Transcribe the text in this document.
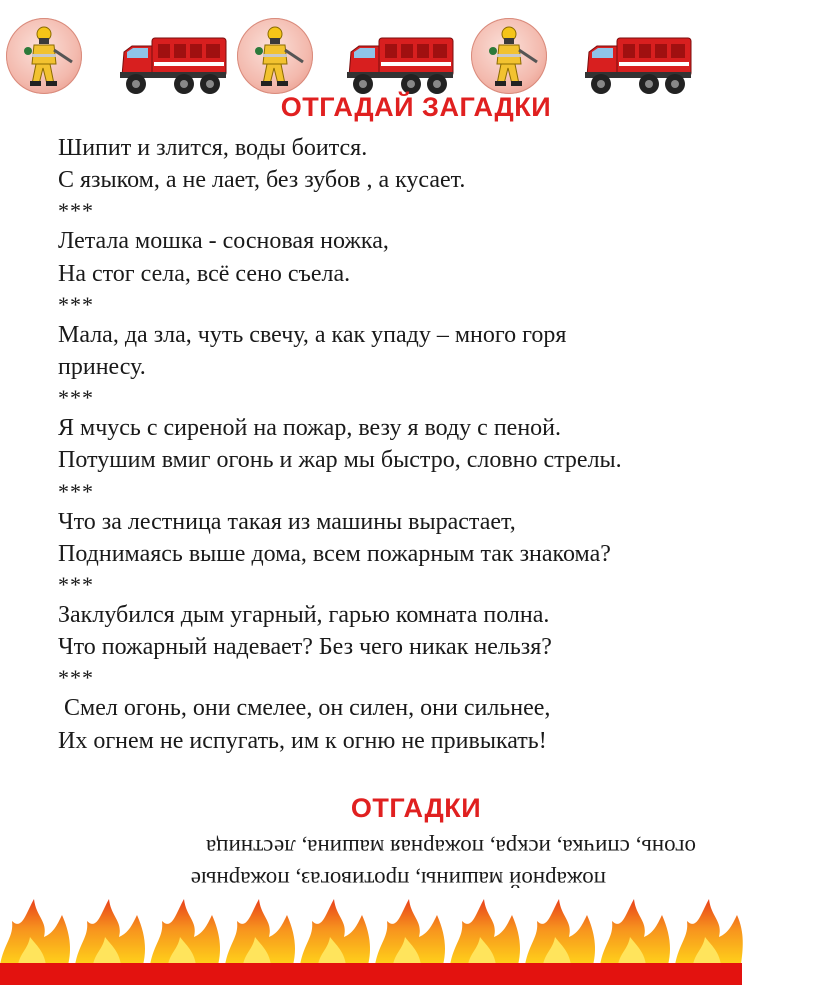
ОТГАДАЙ ЗАГАДКИ
Шипит и злится, воды боится.
С языком, а не лает, без зубов , а кусает.
***
Летала мошка - сосновая ножка,
На стог села, всё сено съела.
***
Мала, да зла, чуть свечу, а как упаду – много горя
принесу.
***
Я мчусь с сиреной на пожар, везу я воду с пеной.
Потушим вмиг огонь и жар мы быстро, словно стрелы.
***
Что за лестница такая из машины вырастает,
Поднимаясь выше дома, всем пожарным так знакома?
***
Заклубился дым угарный, гарью комната полна.
Что пожарный надевает? Без чего никак нельзя?
***
Смел огонь, они смелее, он силен, они сильнее,
Их огнем не испугать, им к огню не привыкать!
ОТГАДКИ
огонь, спичка, искра, пожарная машина, лестница
пожарной машины, противогаз, пожарные
